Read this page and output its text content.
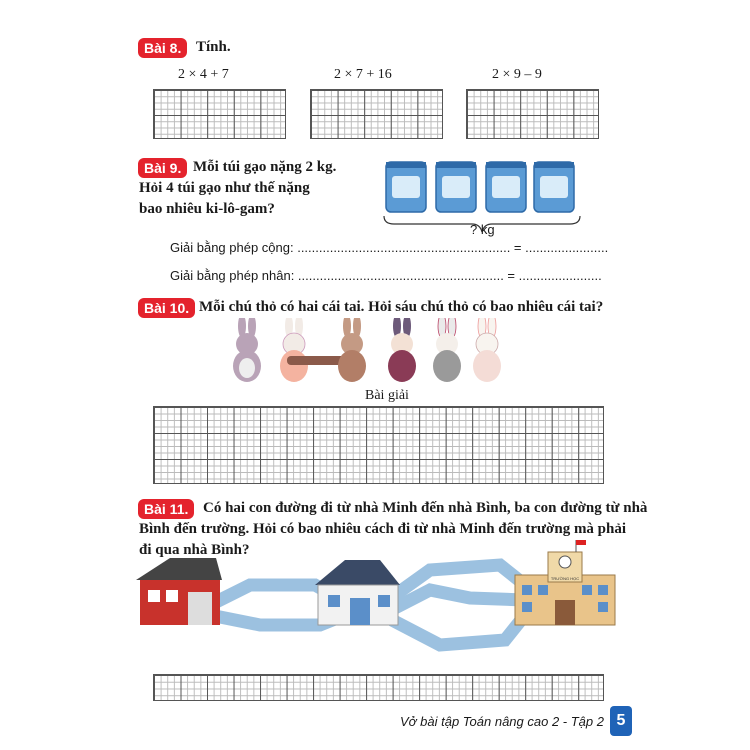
Bài 8. Tính.
2 × 4 + 7	2 × 7 + 16	2 × 9 – 9
Bài 9. Mỗi túi gạo nặng 2 kg.
Hỏi 4 túi gạo như thế nặng
bao nhiêu ki-lô-gam?
? kg
Giải bằng phép cộng: ........................................................... = .......................
Giải bằng phép nhân: ......................................................... = .......................
Bài 10. Mỗi chú thỏ có hai cái tai. Hỏi sáu chú thỏ có bao nhiêu cái tai?
Bài giải
Bài 11. Có hai con đường đi từ nhà Minh đến nhà Bình, ba con đường từ nhà
Bình đến trường. Hỏi có bao nhiêu cách đi từ nhà Minh đến trường mà phải
đi qua nhà Bình?
TRƯỜNG HỌC
Vở bài tập Toán nâng cao 2 - Tập 2 5
